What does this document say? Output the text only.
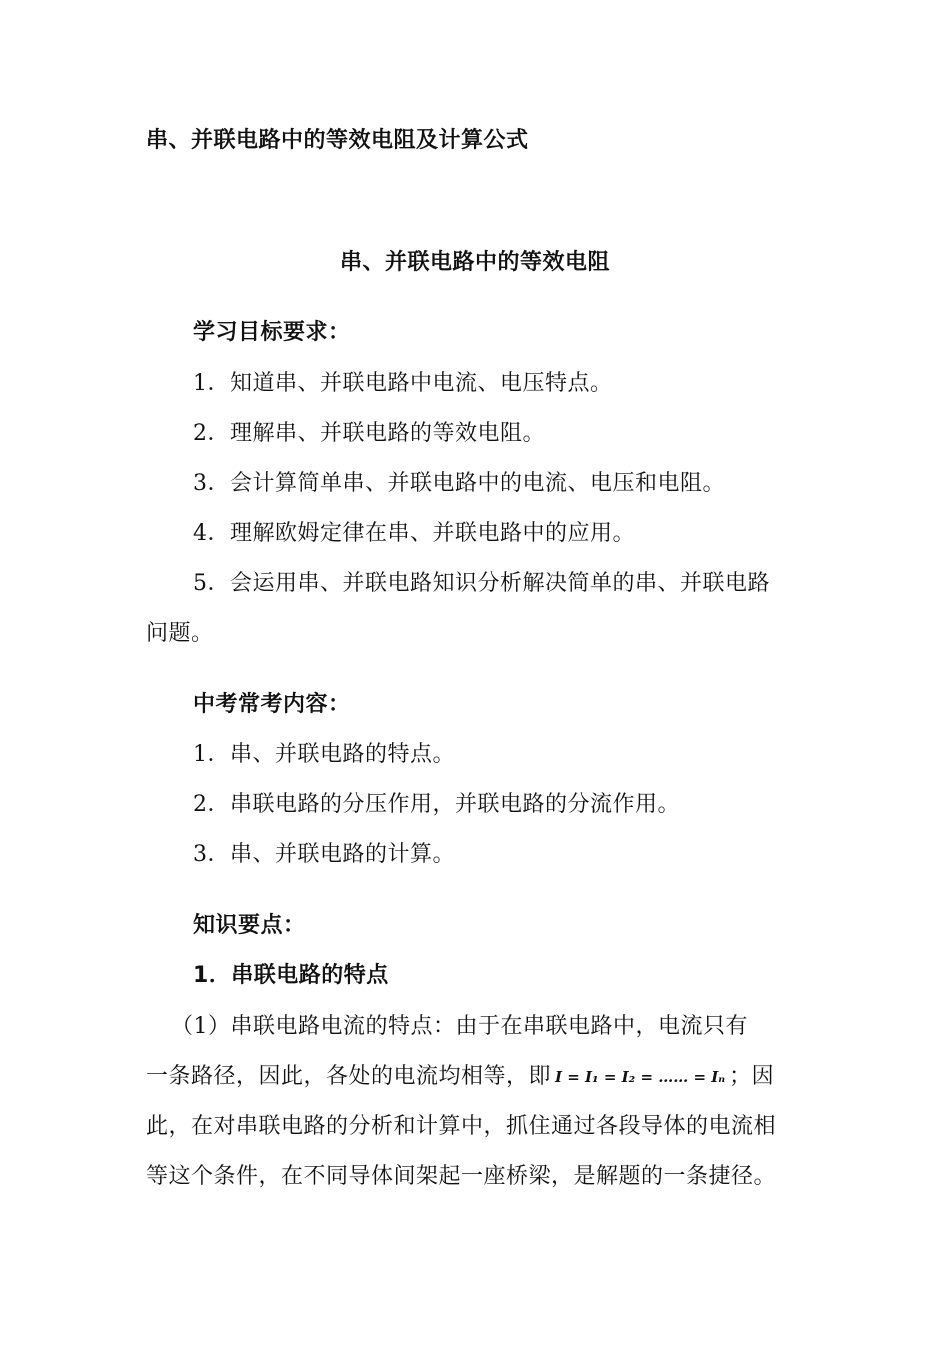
串、并联电路中的等效电阻及计算公式
串、并联电路中的等效电阻
学习目标要求：
1．知道串、并联电路中电流、电压特点。
2．理解串、并联电路的等效电阻。
3．会计算简单串、并联电路中的电流、电压和电阻。
4．理解欧姆定律在串、并联电路中的应用。
5．会运用串、并联电路知识分析解决简单的串、并联电路
问题。
中考常考内容：
1．串、并联电路的特点。
2．串联电路的分压作用，并联电路的分流作用。
3．串、并联电路的计算。
知识要点：
1．串联电路的特点
（1）串联电路电流的特点：由于在串联电路中，电流只有
一条路径，因此，各处的电流均相等，即 I = I₁ = I₂ = …… = Iₙ ；因
此，在对串联电路的分析和计算中，抓住通过各段导体的电流相
等这个条件，在不同导体间架起一座桥梁，是解题的一条捷径。
